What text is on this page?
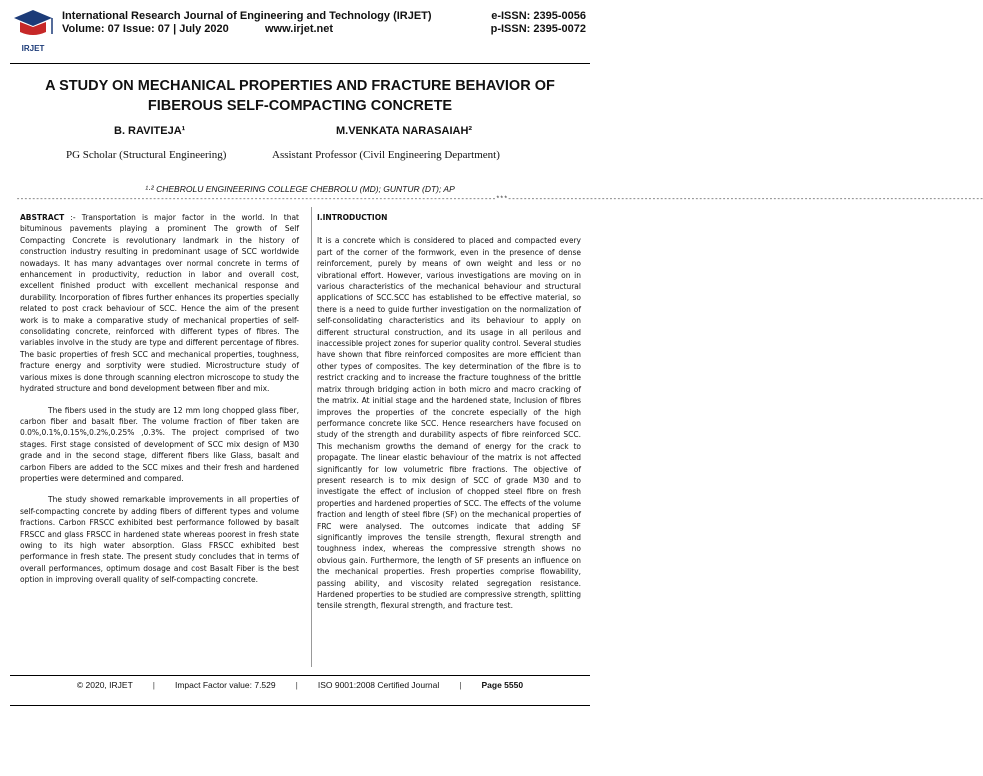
IRJET
International Research Journal of Engineering and Technology (IRJET)
Volume: 07 Issue: 07 | July 2020	www.irjet.net
e-ISSN: 2395-0056
p-ISSN: 2395-0072
A STUDY ON MECHANICAL PROPERTIES AND FRACTURE BEHAVIOR OF FIBEROUS SELF-COMPACTING CONCRETE
B. RAVITEJA¹	M.VENKATA NARASAIAH²
PG Scholar (Structural Engineering)	Assistant Professor (Civil Engineering Department)
¹·² CHEBROLU ENGINEERING COLLEGE CHEBROLU (MD); GUNTUR (DT); AP
---------------------------------------------------------------------------------------------------------------------------***--------------------------------------------------------------------------------------------------------------------------

ABSTRACT :- Transportation is major factor in the world. In that bituminous pavements playing a prominent The growth of Self Compacting Concrete is revolutionary landmark in the history of construction industry resulting in predominant usage of SCC worldwide nowadays. It has many advantages over normal concrete in terms of enhancement in productivity, reduction in labor and overall cost, excellent finished product with excellent mechanical response and durability. Incorporation of fibres further enhances its properties specially related to post crack behaviour of SCC. Hence the aim of the present work is to make a comparative study of mechanical properties of self- consolidating concrete, reinforced with different types of fibres. The variables involve in the study are type and different percentage of fibres. The basic properties of fresh SCC and mechanical properties, toughness, fracture energy and sorptivity were studied. Microstructure study of various mixes is done through scanning electron microscope to study the hydrated structure and bond development between fiber and mix.

The fibers used in the study are 12 mm long chopped glass fiber, carbon fiber and basalt fiber. The volume fraction of fiber taken are 0.0%,0.1%,0.15%,0.2%,0.25% ,0.3%. The project comprised of two stages. First stage consisted of development of SCC mix design of M30 grade and in the second stage, different fibers like Glass, basalt and carbon Fibers are added to the SCC mixes and their fresh and hardened properties were determined and compared.

The study showed remarkable improvements in all properties of self-compacting concrete by adding fibers of different types and volume fractions. Carbon FRSCC exhibited best performance followed by basalt FRSCC and glass FRSCC in hardened state whereas poorest in fresh state owing to its high water absorption. Glass FRSCC exhibited best performance in fresh state. The present study concludes that in terms of overall performances, optimum dosage and cost Basalt Fiber is the best option in improving overall quality of self-compacting concrete.

I.INTRODUCTION

It is a concrete which is considered to placed and compacted every part of the corner of the formwork, even in the presence of dense reinforcement, purely by means of own weight and less or no vibrational effort. However, various investigations are moving on in various characteristics of the mechanical behaviour and structural applications of SCC.SCC has established to be effective material, so there is a need to guide further investigation on the normalization of self-consolidating characteristics and its behaviour to apply on different structural construction, and its usage in all perilous and inaccessible project zones for superior quality control. Several studies have shown that fibre reinforced composites are more efficient than other types of composites. The key determination of the fibre is to restrict cracking and to increase the fracture toughness of the brittle matrix through bridging action in both micro and macro cracking of the matrix. At initial stage and the hardened state, Inclusion of fibres improves the properties of the concrete especially of the high performance concrete like SCC. Hence researchers have focused on study of the strength and durability aspects of fibre reinforced SCC. This mechanism growths the demand of energy for the crack to propagate. The linear elastic behaviour of the matrix is not affected significantly for low volumetric fibre fractions. The objective of present research is to mix design of SCC of grade M30 and to investigate the effect of inclusion of chopped steel fibre on fresh properties and hardened properties of SCC. The effects of the volume fraction and length of steel fibre (SF) on the mechanical properties of FRC were analysed. The outcomes indicate that adding SF significantly improves the tensile strength, flexural strength and toughness index, whereas the compressive strength shows no obvious gain. Furthermore, the length of SF presents an influence on the mechanical properties. Fresh properties comprise flowability, passing ability, and viscosity related segregation resistance. Hardened properties to be studied are compressive strength, splitting tensile strength, flexural strength, and fracture test.

© 2020, IRJET	|	Impact Factor value: 7.529	|	ISO 9001:2008 Certified Journal	|	Page 5550
